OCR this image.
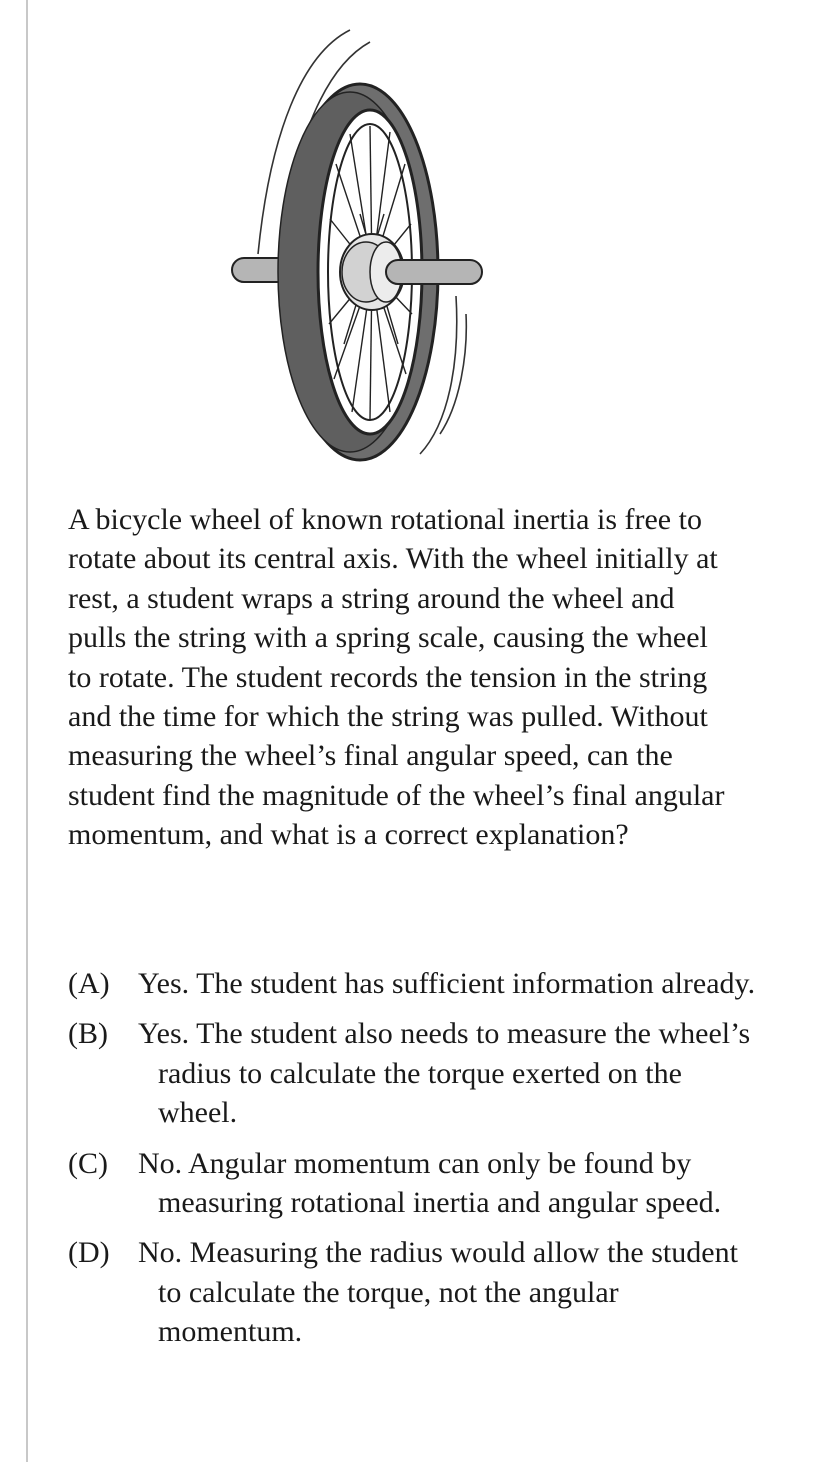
A bicycle wheel of known rotational inertia is free to rotate about its central axis. With the wheel initially at rest, a student wraps a string around the wheel and pulls the string with a spring scale, causing the wheel to rotate. The student records the tension in the string and the time for which the string was pulled. Without measuring the wheel’s final angular speed, can the student find the magnitude of the wheel’s final angular momentum, and what is a correct explanation?

(A) Yes. The student has sufficient information already.
(B) Yes. The student also needs to measure the wheel’s radius to calculate the torque exerted on the wheel.
(C) No. Angular momentum can only be found by measuring rotational inertia and angular speed.
(D) No. Measuring the radius would allow the student to calculate the torque, not the angular momentum.
